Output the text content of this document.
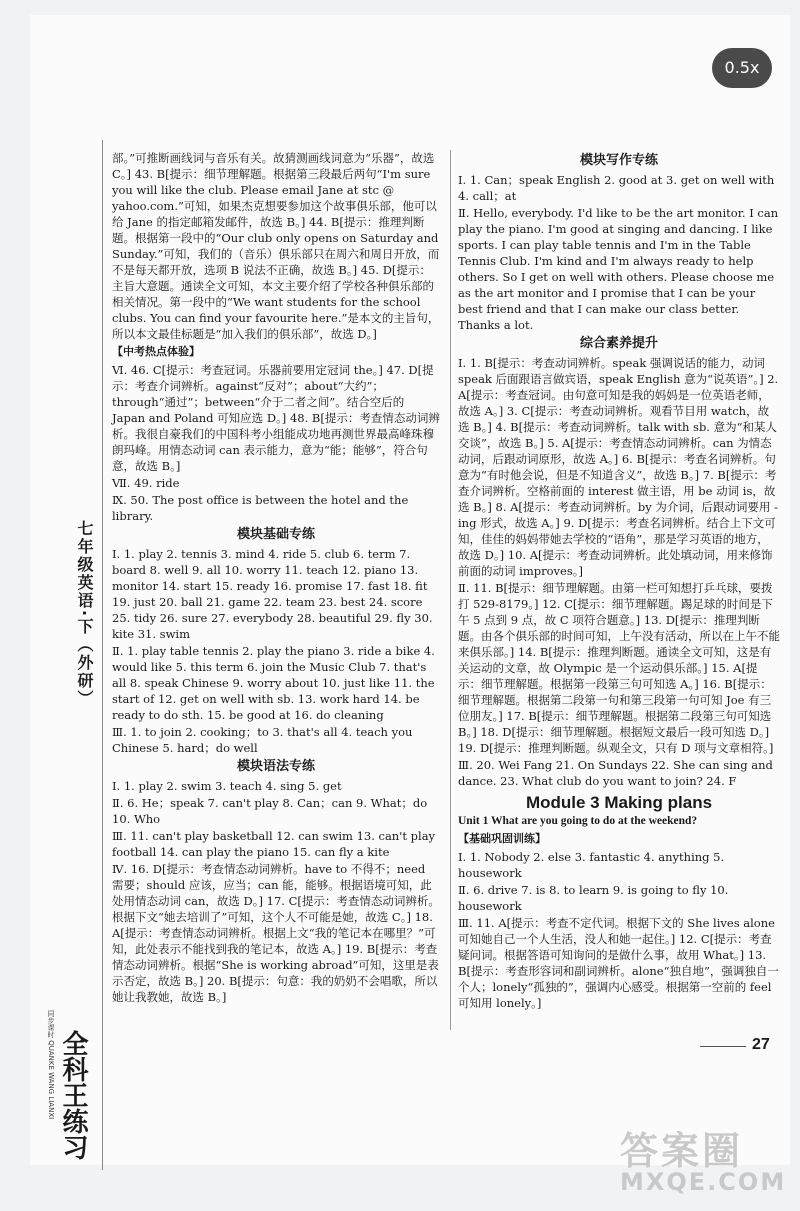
0.5x
七年级英语·下（外研）
同步课时 QUANKE WANG LIANXI 全科王练习

部。”可推断画线词与音乐有关。故猜测画线词意为“乐器”，故选 C。] 43. B[提示：细节理解题。根据第三段最后两句“I'm sure you will like the club. Please email Jane at stc @ yahoo.com.”可知，如果杰克想要参加这个故事俱乐部，他可以给 Jane 的指定邮箱发邮件，故选 B。] 44. B[提示：推理判断题。根据第一段中的“Our club only opens on Saturday and Sunday.”可知，我们的（音乐）俱乐部只在周六和周日开放，而不是每天都开放，选项 B 说法不正确，故选 B。] 45. D[提示：主旨大意题。通读全文可知，本文主要介绍了学校各种俱乐部的相关情况。第一段中的“We want students for the school clubs. You can find your favourite here.”是本文的主旨句，所以本文最佳标题是“加入我们的俱乐部”，故选 D。]

【中考热点体验】

Ⅵ. 46. C[提示：考查冠词。乐器前要用定冠词 the。] 47. D[提示：考查介词辨析。against“反对”；about“大约”；through“通过”；between“介于二者之间”。结合空后的 Japan and Poland 可知应选 D。] 48. B[提示：考查情态动词辨析。我很自豪我们的中国科考小组能成功地再测世界最高峰珠穆朗玛峰。用情态动词 can 表示能力，意为“能；能够”，符合句意，故选 B。]

Ⅶ. 49. ride

Ⅸ. 50. The post office is between the hotel and the library.

模块基础专练

Ⅰ. 1. play 2. tennis 3. mind 4. ride 5. club 6. term 7. board 8. well 9. all 10. worry 11. teach 12. piano 13. monitor 14. start 15. ready 16. promise 17. fast 18. fit 19. just 20. ball 21. game 22. team 23. best 24. score 25. tidy 26. sure 27. everybody 28. beautiful 29. fly 30. kite 31. swim

Ⅱ. 1. play table tennis 2. play the piano 3. ride a bike 4. would like 5. this term 6. join the Music Club 7. that's all 8. speak Chinese 9. worry about 10. just like 11. the start of 12. get on well with sb. 13. work hard 14. be ready to do sth. 15. be good at 16. do cleaning

Ⅲ. 1. to join 2. cooking；to 3. that's all 4. teach you Chinese 5. hard；do well

模块语法专练

Ⅰ. 1. play 2. swim 3. teach 4. sing 5. get

Ⅱ. 6. He；speak 7. can't play 8. Can；can 9. What；do 10. Who

Ⅲ. 11. can't play basketball 12. can swim 13. can't play football 14. can play the piano 15. can fly a kite

Ⅳ. 16. D[提示：考查情态动词辨析。have to 不得不；need 需要；should 应该，应当；can 能，能够。根据语境可知，此处用情态动词 can，故选 D。] 17. C[提示：考查情态动词辨析。根据下文“她去培训了”可知，这个人不可能是她，故选 C。] 18. A[提示：考查情态动词辨析。根据上文“我的笔记本在哪里？”可知，此处表示不能找到我的笔记本，故选 A。] 19. B[提示：考查情态动词辨析。根据“She is working abroad”可知，这里是表示否定，故选 B。] 20. B[提示：句意：我的奶奶不会唱歌，所以她让我教她，故选 B。]

模块写作专练

Ⅰ. 1. Can；speak English 2. good at 3. get on well with 4. call；at

Ⅱ. Hello, everybody. I'd like to be the art monitor. I can play the piano. I'm good at singing and dancing. I like sports. I can play table tennis and I'm in the Table Tennis Club. I'm kind and I'm always ready to help others. So I get on well with others. Please choose me as the art monitor and I promise that I can be your best friend and that I can make our class better. Thanks a lot.

综合素养提升

Ⅰ. 1. B[提示：考查动词辨析。speak 强调说话的能力，动词 speak 后面跟语言做宾语，speak English 意为“说英语”。] 2. A[提示：考查冠词。由句意可知是我的妈妈是一位英语老师，故选 A。] 3. C[提示：考查动词辨析。观看节目用 watch，故选 B。] 4. B[提示：考查动词辨析。talk with sb. 意为“和某人交谈”，故选 B。] 5. A[提示：考查情态动词辨析。can 为情态动词，后跟动词原形，故选 A。] 6. B[提示：考查名词辨析。句意为“有时他会说，但是不知道含义”，故选 B。] 7. B[提示：考查介词辨析。空格前面的 interest 做主语，用 be 动词 is，故选 B。] 8. A[提示：考查动词辨析。by 为介词，后跟动词要用 -ing 形式，故选 A。] 9. D[提示：考查名词辨析。结合上下文可知，佳佳的妈妈带她去学校的“语角”，那是学习英语的地方，故选 D。] 10. A[提示：考查动词辨析。此处填动词，用来修饰前面的动词 improves。]

Ⅱ. 11. B[提示：细节理解题。由第一栏可知想打乒乓球，要拨打 529-8179。] 12. C[提示：细节理解题。踢足球的时间是下午 5 点到 9 点，故 C 项符合题意。] 13. D[提示：推理判断题。由各个俱乐部的时间可知，上午没有活动，所以在上午不能来俱乐部。] 14. B[提示：推理判断题。通读全文可知，这是有关运动的文章，故 Olympic 是一个运动俱乐部。] 15. A[提示：细节理解题。根据第一段第三句可知选 A。] 16. B[提示：细节理解题。根据第二段第一句和第三段第一句可知 Joe 有三位朋友。] 17. B[提示：细节理解题。根据第二段第三句可知选 B。] 18. D[提示：细节理解题。根据短文最后一段可知选 D。] 19. D[提示：推理判断题。纵观全文，只有 D 项与文章相符。]

Ⅲ. 20. Wei Fang 21. On Sundays 22. She can sing and dance. 23. What club do you want to join? 24. F

Module 3 Making plans

Unit 1 What are you going to do at the weekend?

【基础巩固训练】

Ⅰ. 1. Nobody 2. else 3. fantastic 4. anything 5. housework

Ⅱ. 6. drive 7. is 8. to learn 9. is going to fly 10. housework

Ⅲ. 11. A[提示：考查不定代词。根据下文的 She lives alone 可知她自己一个人生活，没人和她一起住。] 12. C[提示：考查疑问词。根据答语可知询问的是做什么事，故用 What。] 13. B[提示：考查形容词和副词辨析。alone“独自地”，强调独自一个人；lonely“孤独的”，强调内心感受。根据第一空前的 feel 可知用 lonely。]

27
答案圈
MXQE.COM
